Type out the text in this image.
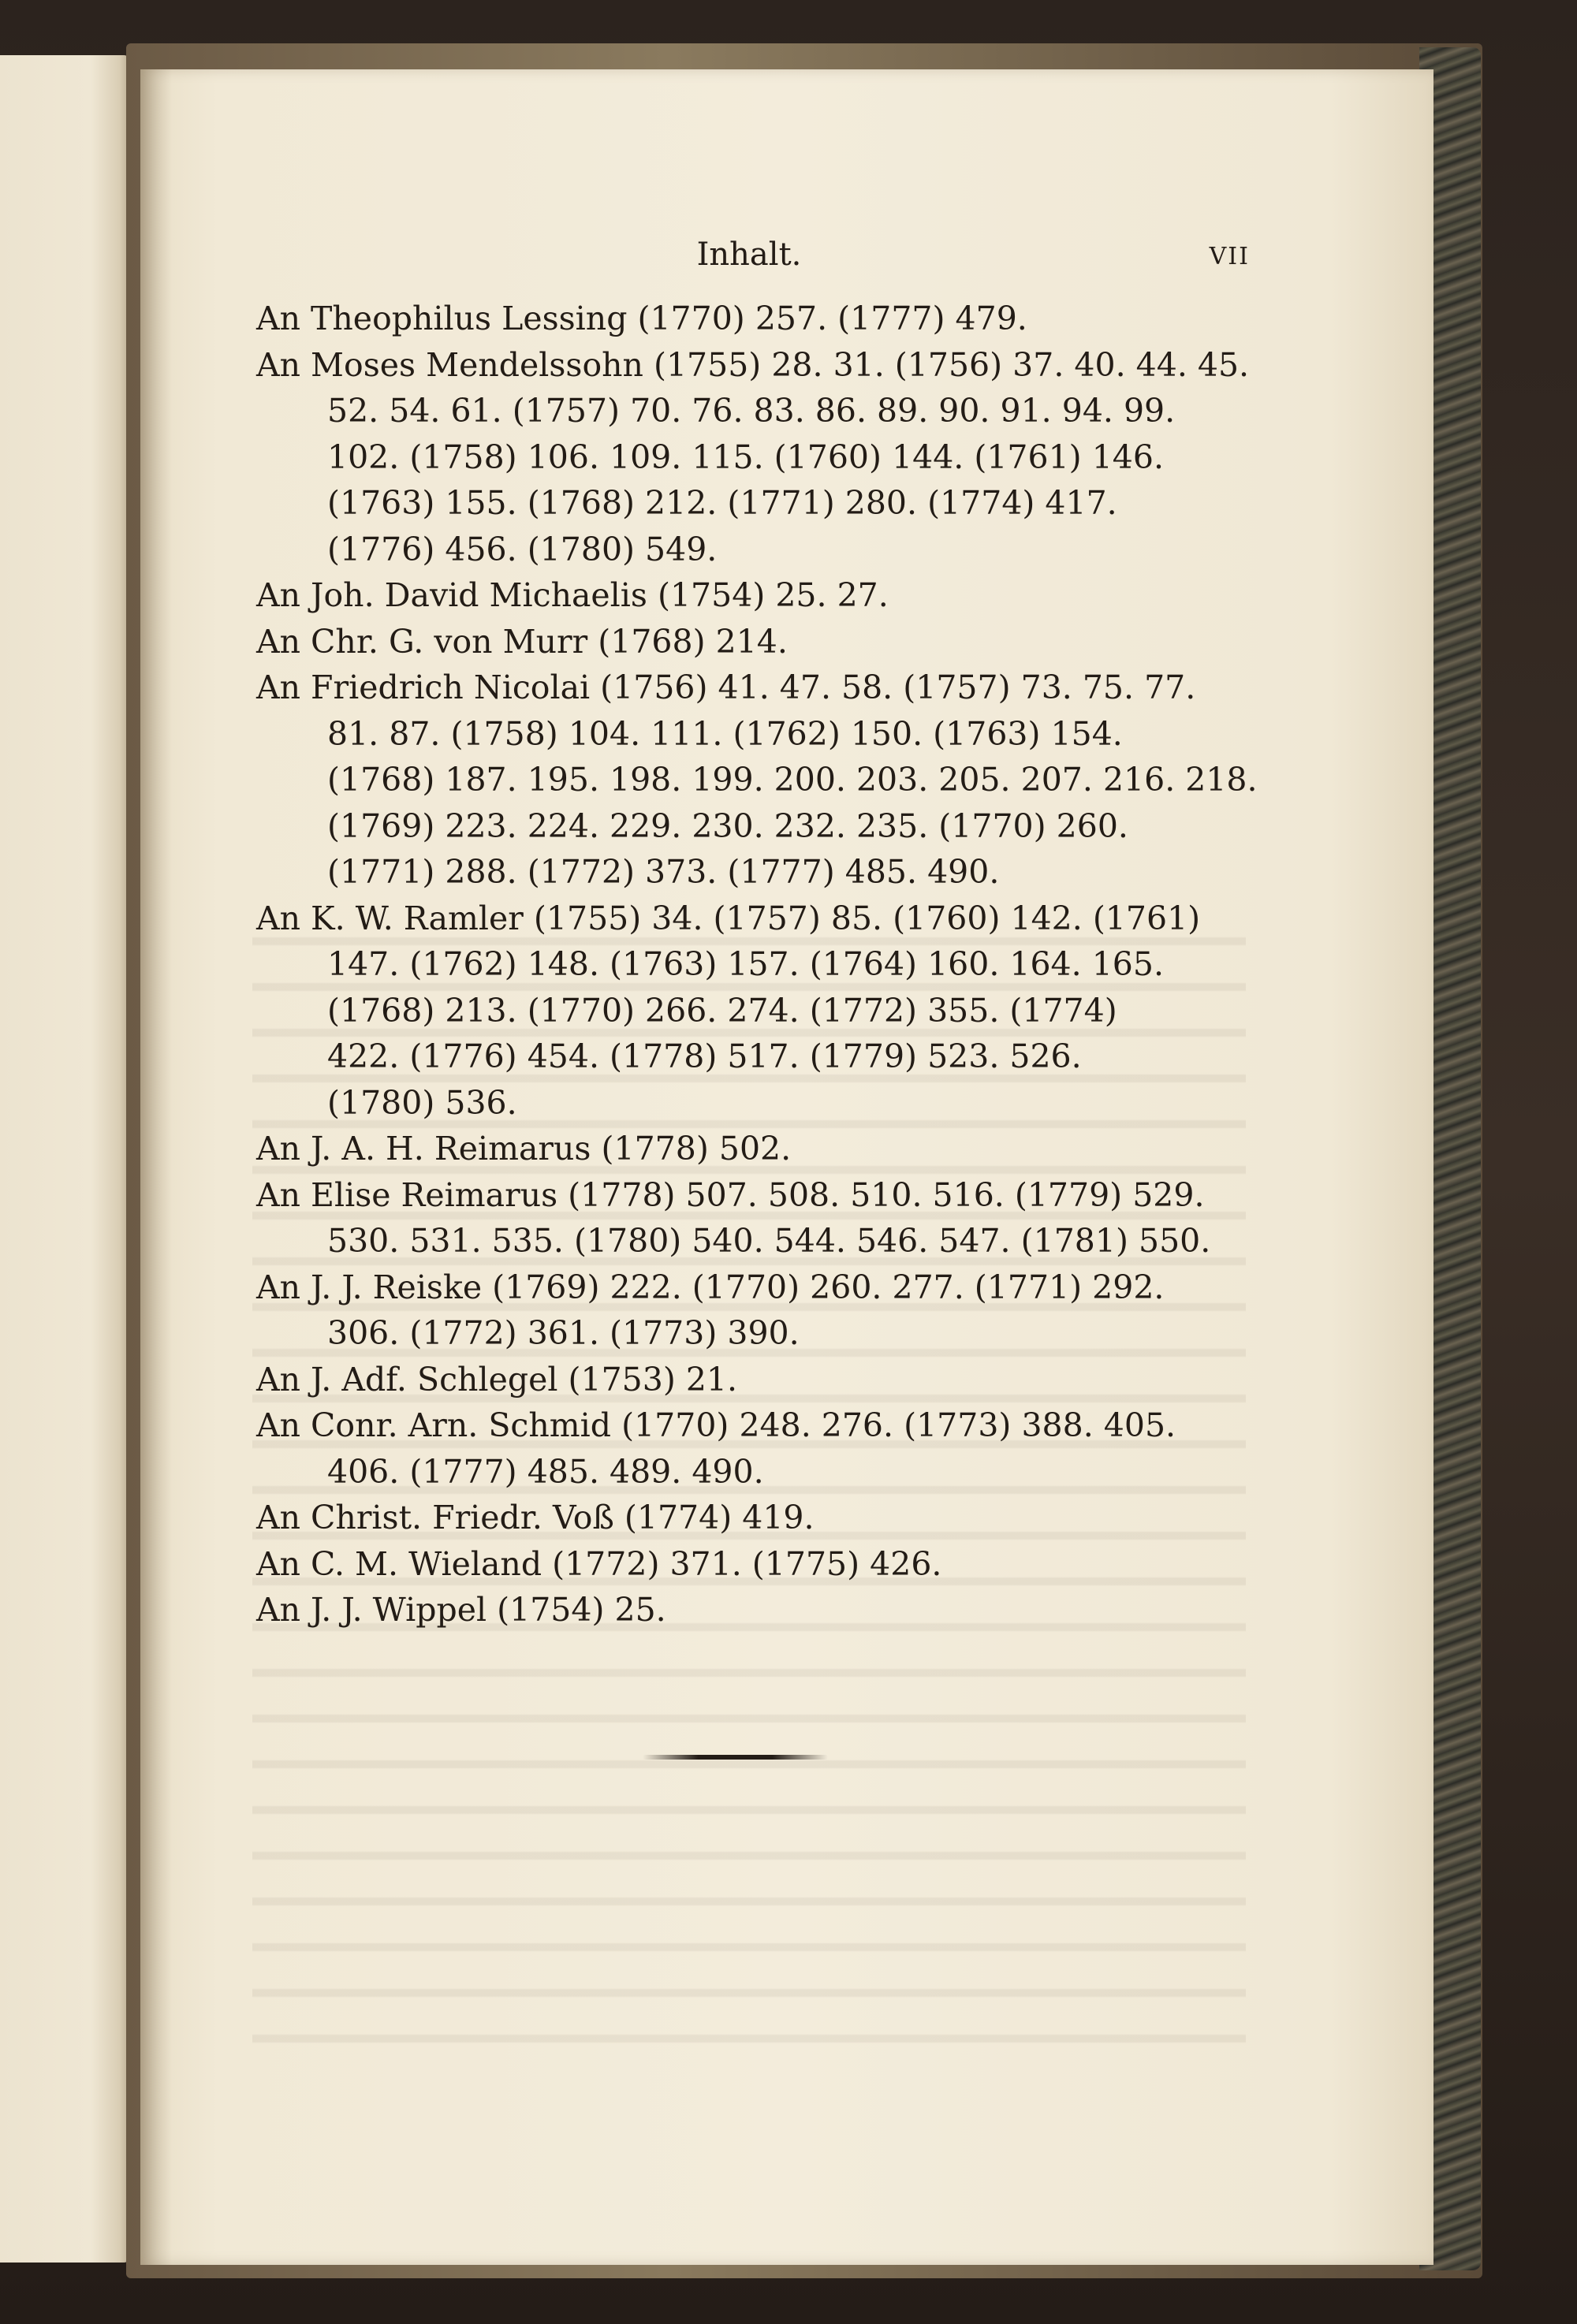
Inhalt.	VII

An Theophilus Lessing (1770) 257. (1777) 479.

An Moses Mendelssohn (1755) 28. 31. (1756) 37. 40. 44. 45.
52. 54. 61. (1757) 70. 76. 83. 86. 89. 90. 91. 94. 99.
102. (1758) 106. 109. 115. (1760) 144. (1761) 146.
(1763) 155. (1768) 212. (1771) 280. (1774) 417.
(1776) 456. (1780) 549.

An Joh. David Michaelis (1754) 25. 27.

An Chr. G. von Murr (1768) 214.

An Friedrich Nicolai (1756) 41. 47. 58. (1757) 73. 75. 77.
81. 87. (1758) 104. 111. (1762) 150. (1763) 154.
(1768) 187. 195. 198. 199. 200. 203. 205. 207. 216. 218.
(1769) 223. 224. 229. 230. 232. 235. (1770) 260.
(1771) 288. (1772) 373. (1777) 485. 490.

An K. W. Ramler (1755) 34. (1757) 85. (1760) 142. (1761)
147. (1762) 148. (1763) 157. (1764) 160. 164. 165.
(1768) 213. (1770) 266. 274. (1772) 355. (1774)
422. (1776) 454. (1778) 517. (1779) 523. 526.
(1780) 536.

An J. A. H. Reimarus (1778) 502.

An Elise Reimarus (1778) 507. 508. 510. 516. (1779) 529.
530. 531. 535. (1780) 540. 544. 546. 547. (1781) 550.

An J. J. Reiske (1769) 222. (1770) 260. 277. (1771) 292.
306. (1772) 361. (1773) 390.

An J. Adf. Schlegel (1753) 21.

An Conr. Arn. Schmid (1770) 248. 276. (1773) 388. 405.
406. (1777) 485. 489. 490.

An Christ. Friedr. Voß (1774) 419.

An C. M. Wieland (1772) 371. (1775) 426.

An J. J. Wippel (1754) 25.
